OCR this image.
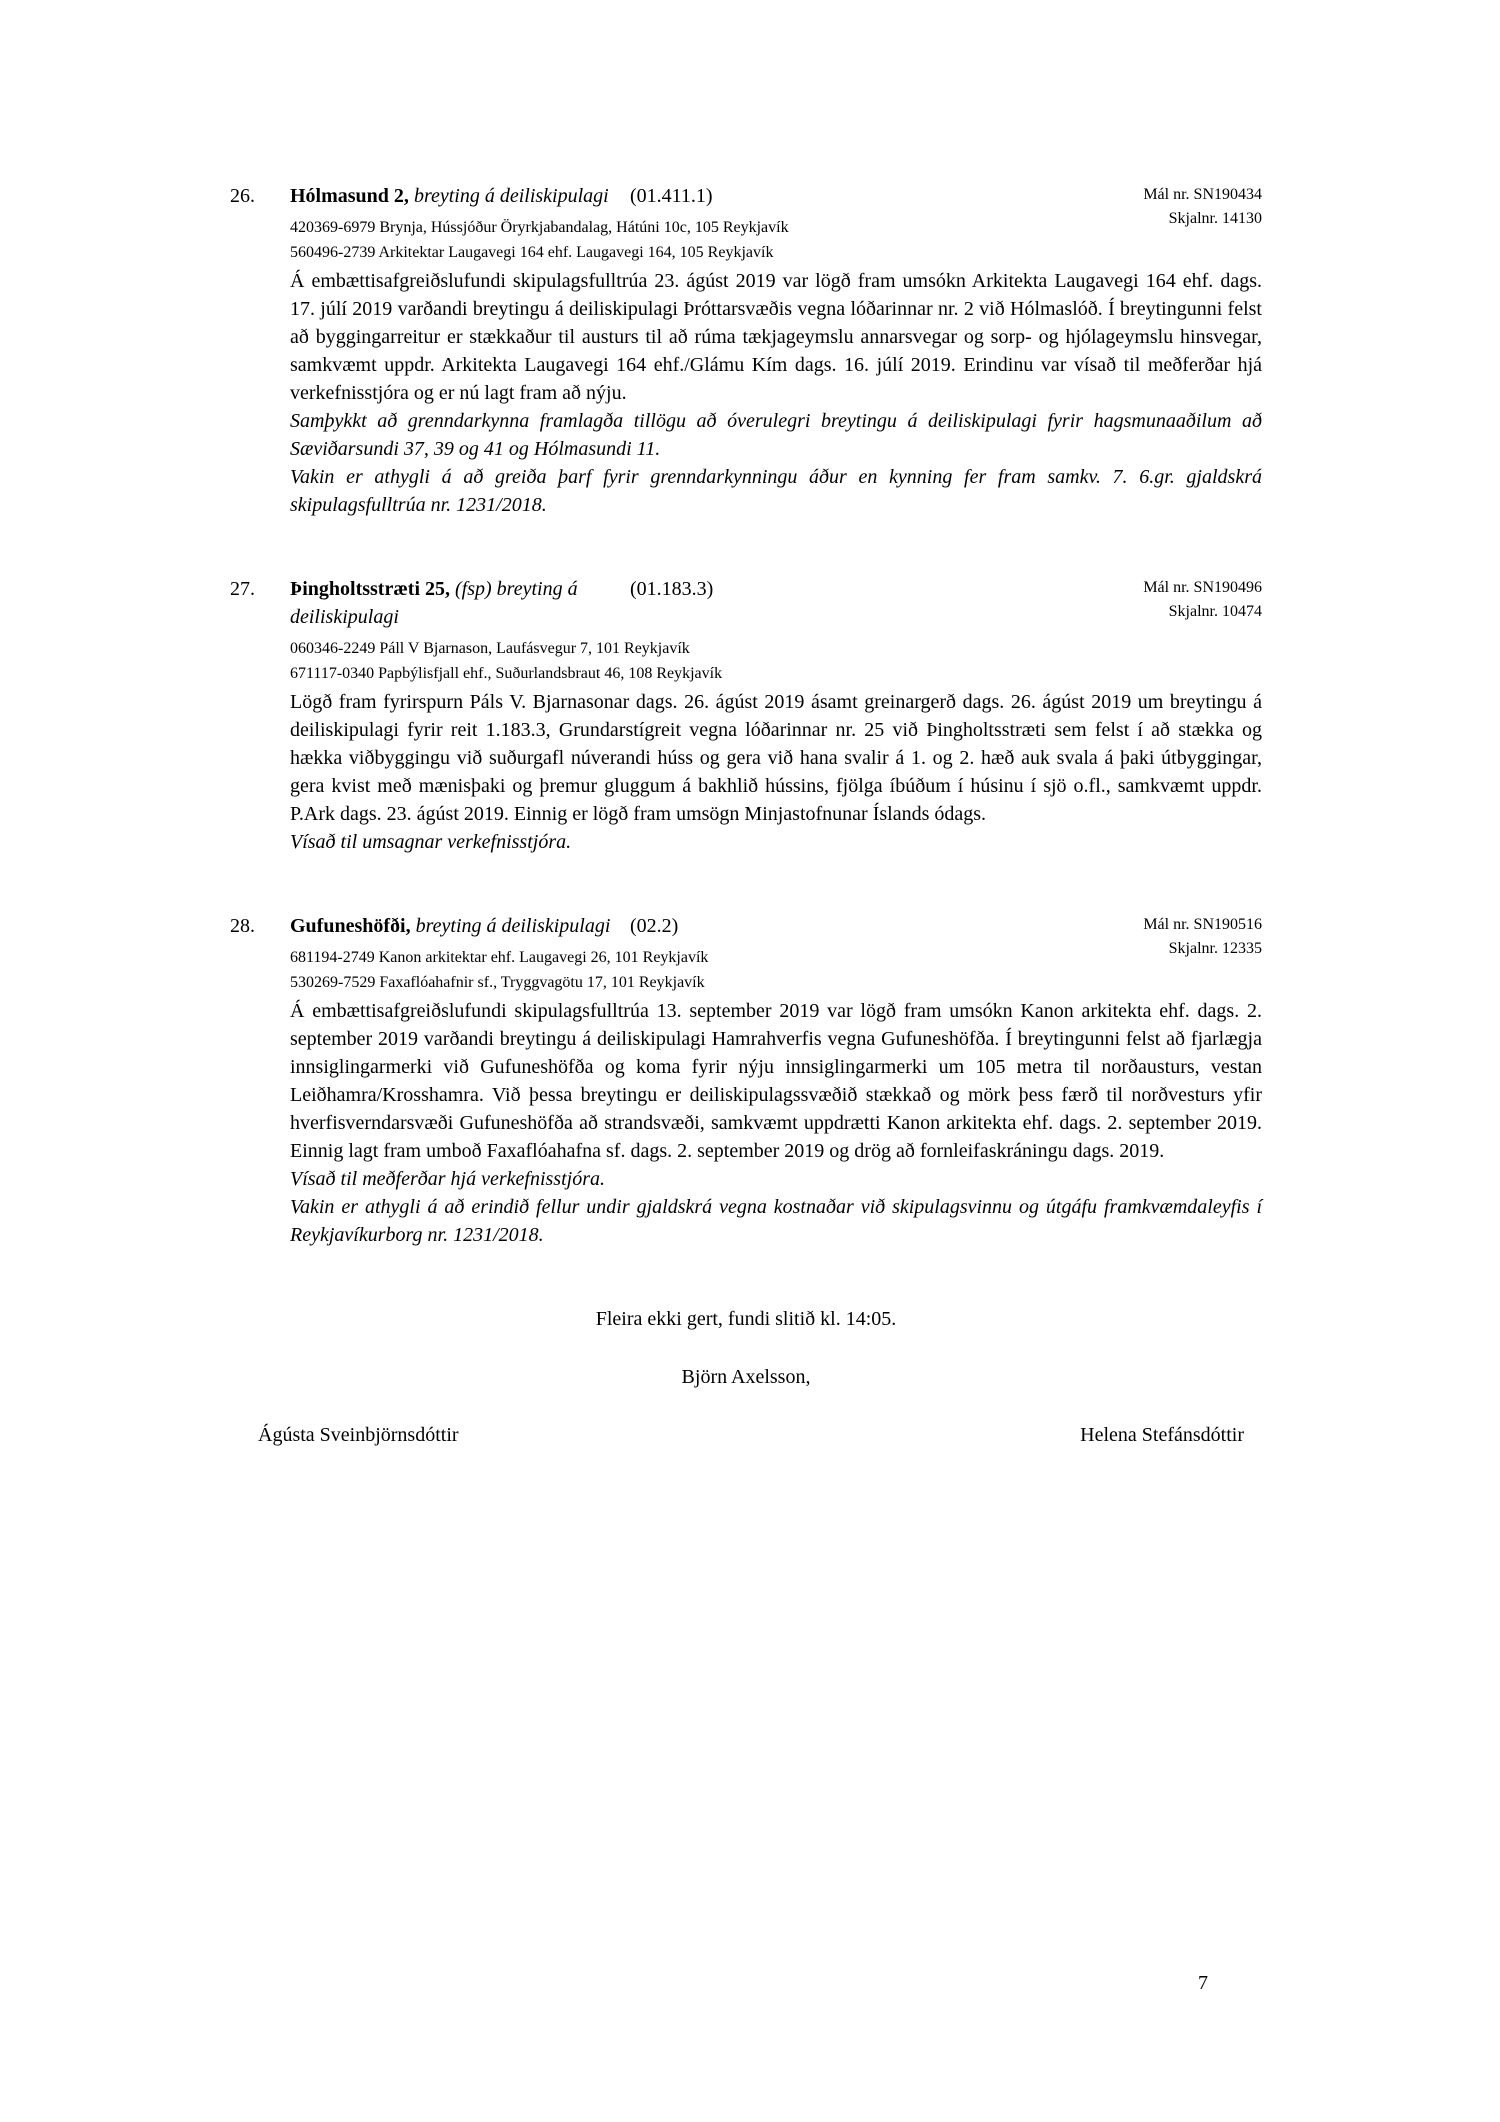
26. Hólmasund 2, breyting á deiliskipulagi (01.411.1)	Mál nr. SN190434
Skjalnr. 14130
420369-6979 Brynja, Hússjóður Öryrkjabandalag, Hátúni 10c, 105 Reykjavík
560496-2739 Arkitektar Laugavegi 164 ehf. Laugavegi 164, 105 Reykjavík

Á embættisafgreiðslufundi skipulagsfulltrúa 23. ágúst 2019 var lögð fram umsókn Arkitekta Laugavegi 164 ehf. dags. 17. júlí 2019 varðandi breytingu á deiliskipulagi Þróttarsvæðis vegna lóðarinnar nr. 2 við Hólmaslóð. Í breytingunni felst að byggingarreitur er stækkaður til austurs til að rúma tækjageymslu annarsvegar og sorp- og hjólageymslu hinsvegar, samkvæmt uppdr. Arkitekta Laugavegi 164 ehf./Glámu Kím dags. 16. júlí 2019. Erindinu var vísað til meðferðar hjá verkefnisstjóra og er nú lagt fram að nýju.

Samþykkt að grenndarkynna framlagða tillögu að óverulegri breytingu á deiliskipulagi fyrir hagsmunaaðilum að Sæviðarsundi 37, 39 og 41 og Hólmasundi 11.

Vakin er athygli á að greiða þarf fyrir grenndarkynningu áður en kynning fer fram samkv. 7. 6.gr. gjaldskrá skipulagsfulltrúa nr. 1231/2018.

27. Þingholtsstræti 25, (fsp) breyting á
deiliskipulagi
(01.183.3)	Mál nr. SN190496
Skjalnr. 10474
060346-2249 Páll V Bjarnason, Laufásvegur 7, 101 Reykjavík
671117-0340 Papbýlisfjall ehf., Suðurlandsbraut 46, 108 Reykjavík

Lögð fram fyrirspurn Páls V. Bjarnasonar dags. 26. ágúst 2019 ásamt greinargerð dags. 26. ágúst 2019 um breytingu á deiliskipulagi fyrir reit 1.183.3, Grundarstígreit vegna lóðarinnar nr. 25 við Þingholtsstræti sem felst í að stækka og hækka viðbyggingu við suðurgafl núverandi húss og gera við hana svalir á 1. og 2. hæð auk svala á þaki útbyggingar, gera kvist með mænisþaki og þremur gluggum á bakhlið hússins, fjölga íbúðum í húsinu í sjö o.fl., samkvæmt uppdr. P.Ark dags. 23. ágúst 2019. Einnig er lögð fram umsögn Minjastofnunar Íslands ódags.

Vísað til umsagnar verkefnisstjóra.

28. Gufuneshöfði, breyting á deiliskipulagi (02.2)	Mál nr. SN190516
Skjalnr. 12335
681194-2749 Kanon arkitektar ehf. Laugavegi 26, 101 Reykjavík
530269-7529 Faxaflóahafnir sf., Tryggvagötu 17, 101 Reykjavík

Á embættisafgreiðslufundi skipulagsfulltrúa 13. september 2019 var lögð fram umsókn Kanon arkitekta ehf. dags. 2. september 2019 varðandi breytingu á deiliskipulagi Hamrahverfis vegna Gufuneshöfða. Í breytingunni felst að fjarlægja innsiglingarmerki við Gufuneshöfða og koma fyrir nýju innsiglingarmerki um 105 metra til norðausturs, vestan Leiðhamra/Krosshamra. Við þessa breytingu er deiliskipulagssvæðið stækkað og mörk þess færð til norðvesturs yfir hverfisverndarsvæði Gufuneshöfða að strandsvæði, samkvæmt uppdrætti Kanon arkitekta ehf. dags. 2. september 2019. Einnig lagt fram umboð Faxaflóahafna sf. dags. 2. september 2019 og drög að fornleifaskráningu dags. 2019.

Vísað til meðferðar hjá verkefnisstjóra.

Vakin er athygli á að erindið fellur undir gjaldskrá vegna kostnaðar við skipulagsvinnu og útgáfu framkvæmdaleyfis í Reykjavíkurborg nr. 1231/2018.

Fleira ekki gert, fundi slitið kl. 14:05.

Björn Axelsson,

Ágústa Sveinbjörnsdóttir	Helena Stefánsdóttir
7
